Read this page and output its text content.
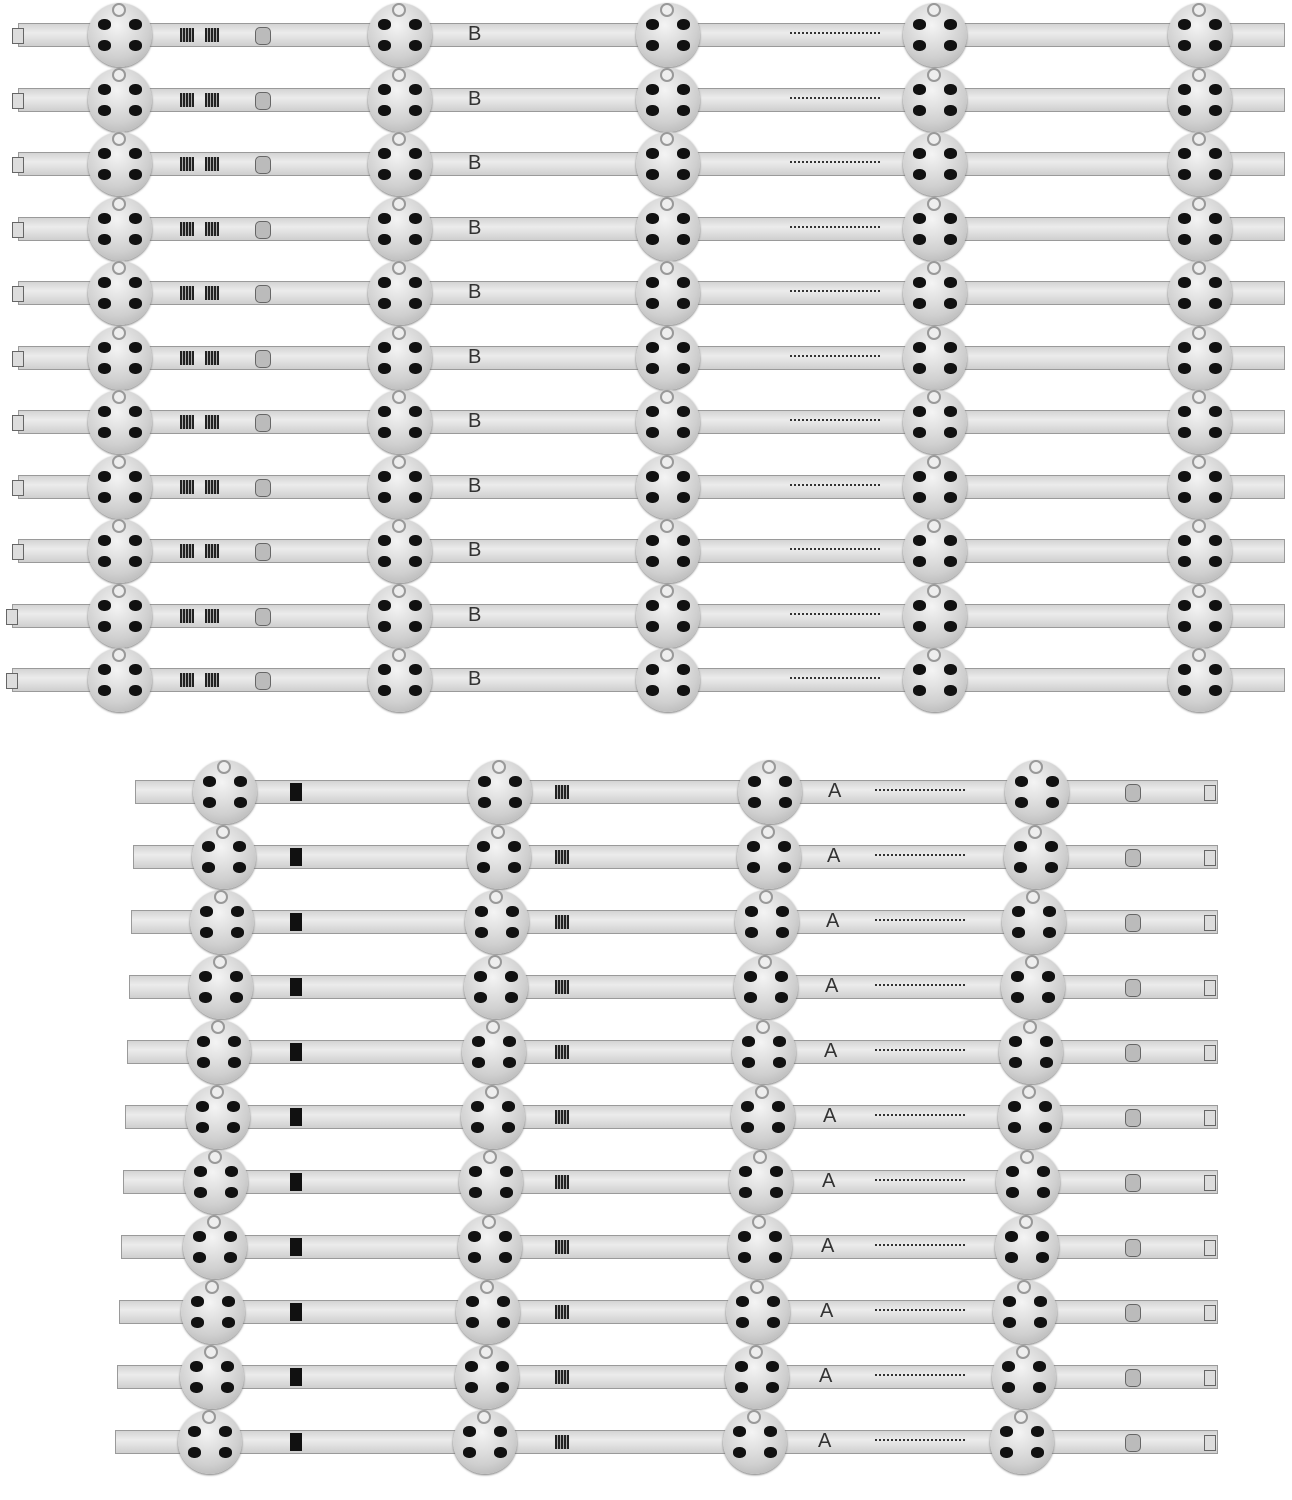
B
B
B
B
B
B
B
B
B
B
B
A
A
A
A
A
A
A
A
A
A
A
